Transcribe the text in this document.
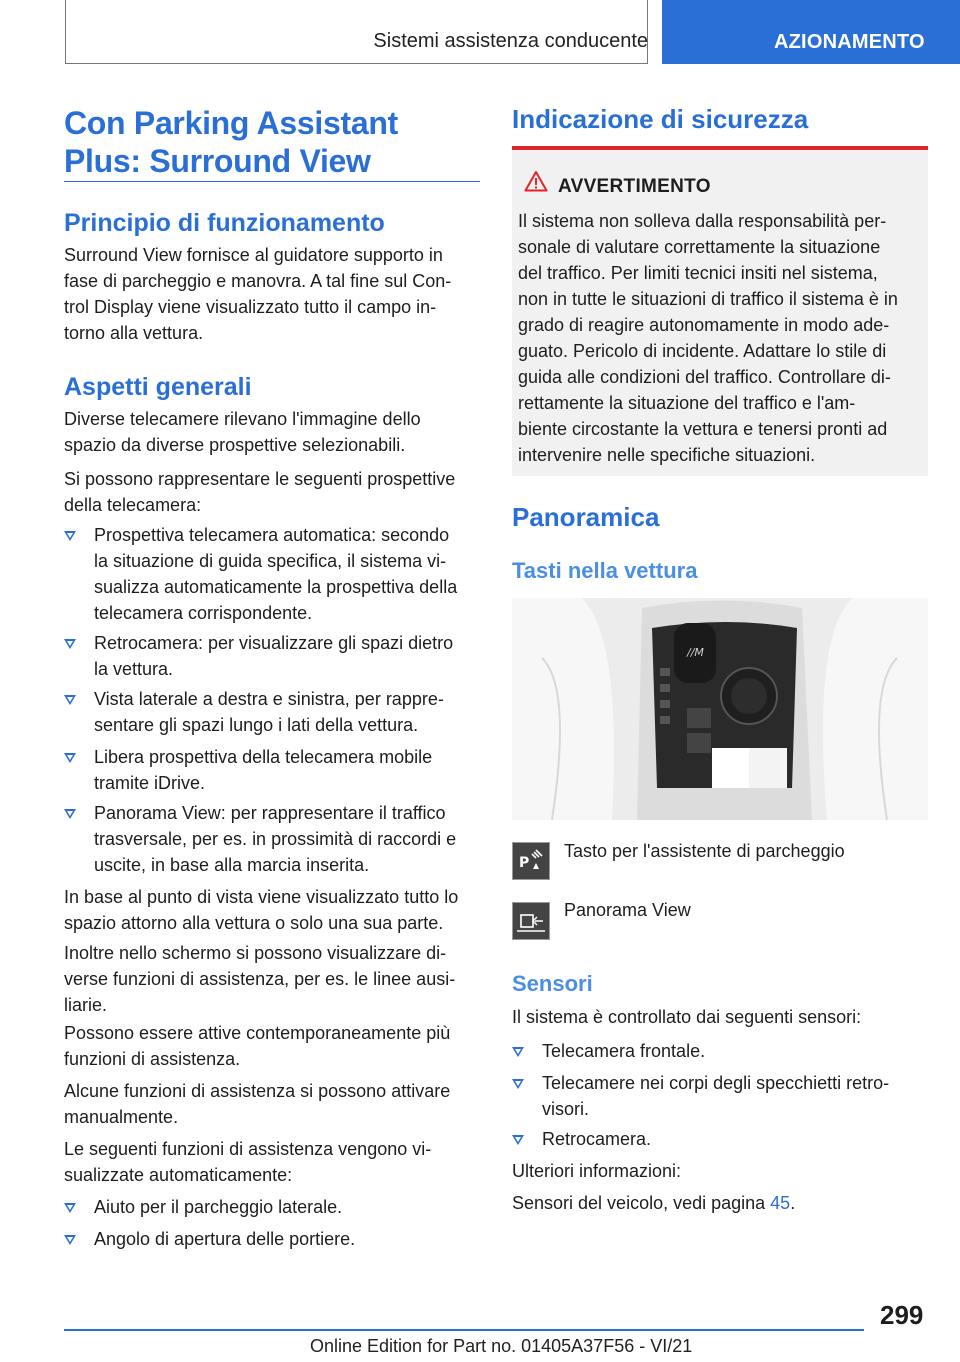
Sistemi assistenza conducente	AZIONAMENTO
Con Parking Assistant
Plus: Surround View
Principio di funzionamento
Surround View fornisce al guidatore supporto in
fase di parcheggio e manovra. A tal fine sul Con‐
trol Display viene visualizzato tutto il campo in‐
torno alla vettura.
Aspetti generali
Diverse telecamere rilevano l'immagine dello
spazio da diverse prospettive selezionabili.
Si possono rappresentare le seguenti prospettive
della telecamera:
Prospettiva telecamera automatica: secondo
la situazione di guida specifica, il sistema vi‐
sualizza automaticamente la prospettiva della
telecamera corrispondente.
Retrocamera: per visualizzare gli spazi dietro
la vettura.
Vista laterale a destra e sinistra, per rappre‐
sentare gli spazi lungo i lati della vettura.
Libera prospettiva della telecamera mobile
tramite iDrive.
Panorama View: per rappresentare il traffico
trasversale, per es. in prossimità di raccordi e
uscite, in base alla marcia inserita.
In base al punto di vista viene visualizzato tutto lo
spazio attorno alla vettura o solo una sua parte.
Inoltre nello schermo si possono visualizzare di‐
verse funzioni di assistenza, per es. le linee ausi‐
liarie.
Possono essere attive contemporaneamente più
funzioni di assistenza.
Alcune funzioni di assistenza si possono attivare
manualmente.
Le seguenti funzioni di assistenza vengono vi‐
sualizzate automaticamente:
Aiuto per il parcheggio laterale.
Angolo di apertura delle portiere.
Indicazione di sicurezza
AVVERTIMENTO
Il sistema non solleva dalla responsabilità per‐
sonale di valutare correttamente la situazione
del traffico. Per limiti tecnici insiti nel sistema,
non in tutte le situazioni di traffico il sistema è in
grado di reagire autonomamente in modo ade‐
guato. Pericolo di incidente. Adattare lo stile di
guida alle condizioni del traffico. Controllare di‐
rettamente la situazione del traffico e l'am‐
biente circostante la vettura e tenersi pronti ad
intervenire nelle specifiche situazioni.
Panoramica
Tasti nella vettura
//M
P
Tasto per l'assistente di parcheggio
Panorama View
Sensori
Il sistema è controllato dai seguenti sensori:
Telecamera frontale.
Telecamere nei corpi degli specchietti retro‐
visori.
Retrocamera.
Ulteriori informazioni:
Sensori del veicolo, vedi pagina 45.
299
Online Edition for Part no. 01405A37F56 - VI/21
